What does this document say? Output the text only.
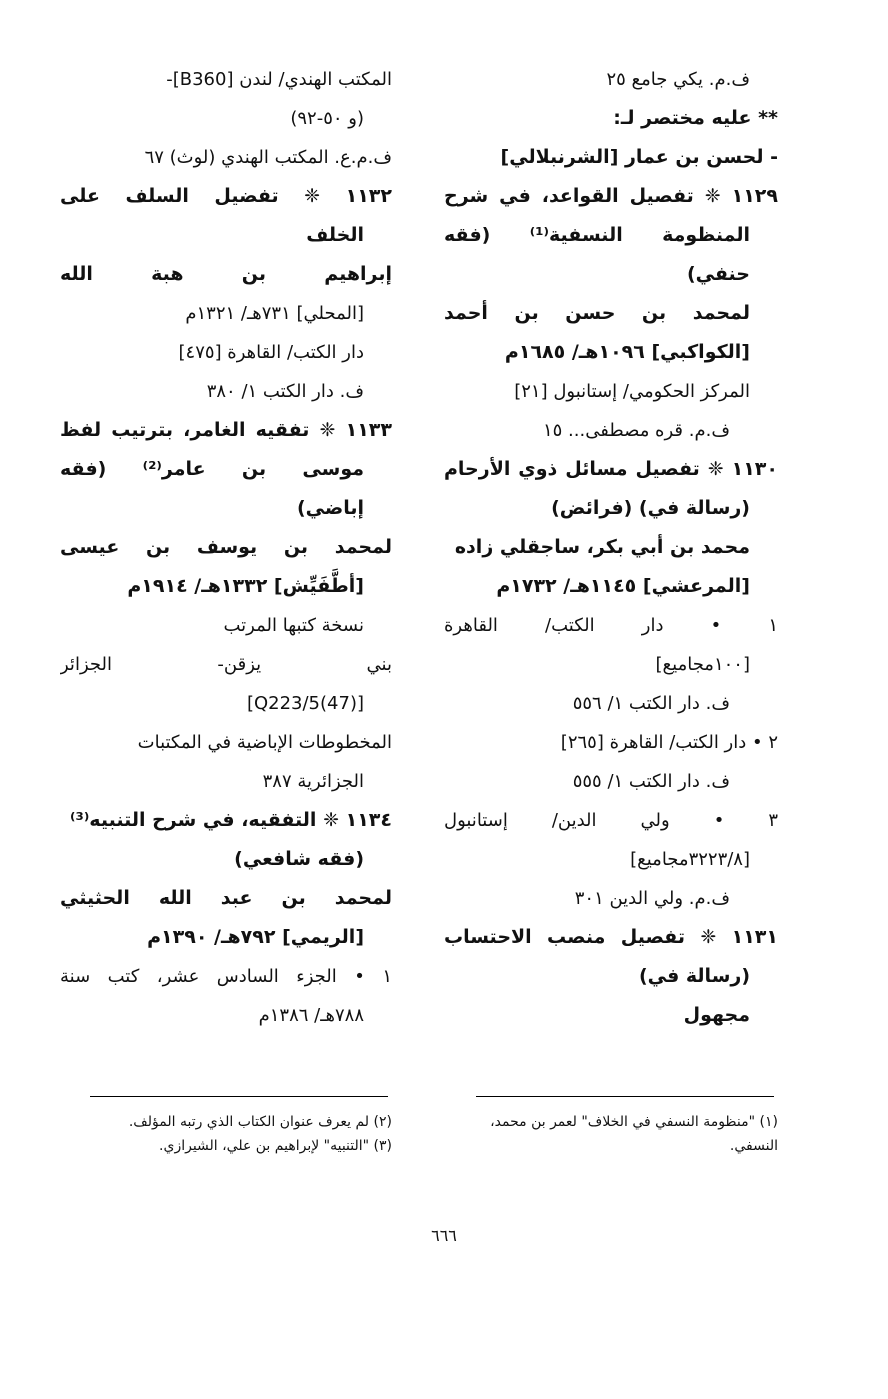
ف.م. يكي جامع ٢٥
** عليه مختصر لـ:
- لحسن بن عمار [الشرنبلالي]
١١٢٩ ❈ تفصيل القواعد، في شرح
المنظومة النسفية⁽¹⁾ (فقه
حنفي)
لمحمد بن حسن بن أحمد
[الكواكبي] ١٠٩٦هـ/ ١٦٨٥م
المركز الحكومي/ إستانبول [٢١]
ف.م. قره مصطفى... ١٥
١١٣٠ ❈ تفصيل مسائل ذوي الأرحام
(رسالة في) (فرائض)
محمد بن أبي بكر، ساجقلي زاده
[المرعشي] ١١٤٥هـ/ ١٧٣٢م
١ • دار الكتب/ القاهرة
[١٠٠مجاميع]
ف. دار الكتب ١/ ٥٥٦
٢ • دار الكتب/ القاهرة [٢٦٥]
ف. دار الكتب ١/ ٥٥٥
٣ • ولي الدين/ إستانبول
[٣٢٢٣/٨مجاميع]
ف.م. ولي الدين ٣٠١
١١٣١ ❈ تفصيل منصب الاحتساب
(رسالة في)
مجهول
المكتب الهندي/ لندن [B360]-
(و ٥٠-٩٢)
ف.م.ع. المكتب الهندي (لوث) ٦٧
١١٣٢ ❈ تفضيل السلف على
الخلف
إبراهيم بن هبة الله
[المحلي] ٧٣١هـ/ ١٣٢١م
دار الكتب/ القاهرة [٤٧٥]
ف. دار الكتب ١/ ٣٨٠
١١٣٣ ❈ تفقيه الغامر، بترتيب لفظ
موسى بن عامر⁽²⁾ (فقه
إباضي)
لمحمد بن يوسف بن عيسى
[أطَّفَيِّش] ١٣٣٢هـ/ ١٩١٤م
نسخة كتبها المرتب
بني يزقن- الجزائر
[(47)Q223/5]
المخطوطات الإباضية في المكتبات
الجزائرية ٣٨٧
١١٣٤ ❈ التفقيه، في شرح التنبيه⁽³⁾
(فقه شافعي)
لمحمد بن عبد الله الحثيثي
[الريمي] ٧٩٢هـ/ ١٣٩٠م
١ • الجزء السادس عشر، كتب سنة
٧٨٨هـ/ ١٣٨٦م
(١) "منظومة النسفي في الخلاف" لعمر بن محمد،
النسفي.
(٢) لم يعرف عنوان الكتاب الذي رتبه المؤلف.
(٣) "التنبيه" لإبراهيم بن علي، الشيرازي.
٦٦٦
